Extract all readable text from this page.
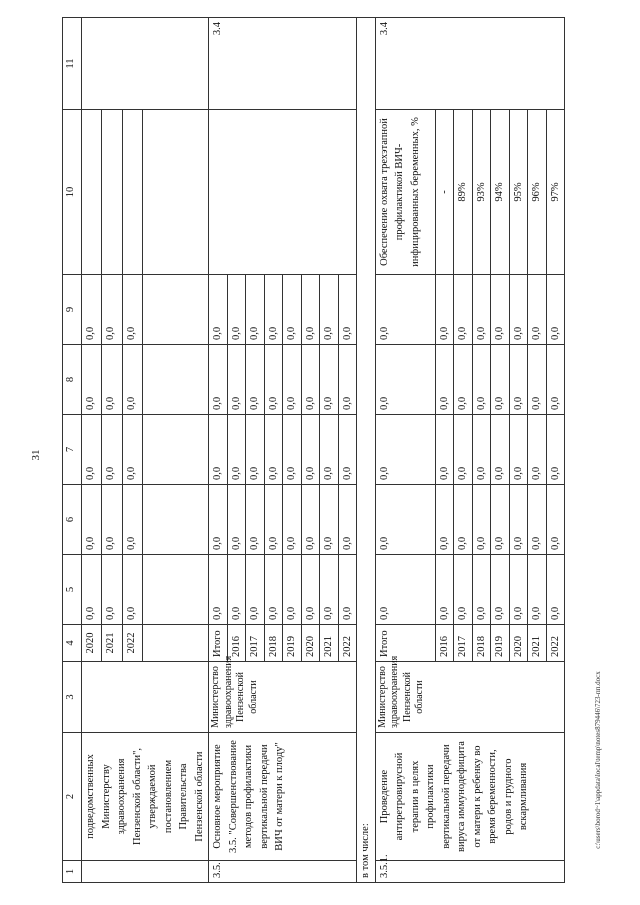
31
c:\users\borod~1\appdata\local\temp\notes879446\723-пп.docx
1	2	3	4	5	6	7	8	9	10	11
	подведомственных Министерству здравоохранения Пензенской области", утверждаемой постановлением Правительства Пензенской области		2020	0,0	0,0	0,0	0,0	0,0		
			2021	0,0	0,0	0,0	0,0	0,0		
			2022	0,0	0,0	0,0	0,0	0,0		

3.5.	Основное мероприятие 3.5. "Совершенствование методов профилактики вертикальной передачи ВИЧ от матери к плоду"	Министерство здравоохранения Пензенской области	Итого	0,0	0,0	0,0	0,0	0,0		3.4
			2016	0,0	0,0	0,0	0,0	0,0		
			2017	0,0	0,0	0,0	0,0	0,0		
			2018	0,0	0,0	0,0	0,0	0,0		
			2019	0,0	0,0	0,0	0,0	0,0		
			2020	0,0	0,0	0,0	0,0	0,0		
			2021	0,0	0,0	0,0	0,0	0,0		
			2022	0,0	0,0	0,0	0,0	0,0		
в том числе:										
3.5.1.	Проведение антиретровирусной терапии в целях профилактики вертикальной передачи вируса иммунодефицита от матери к ребенку во время беременности, родов и грудного вскармливания	Министерство здравоохранения Пензенской области	Итого	0,0	0,0	0,0	0,0	0,0	Обеспечение охвата трехэтапной профилактикой ВИЧ-инфицированных беременных, %	3.4
			2016	0,0	0,0	0,0	0,0	0,0	-	
			2017	0,0	0,0	0,0	0,0	0,0	89%	
			2018	0,0	0,0	0,0	0,0	0,0	93%	
			2019	0,0	0,0	0,0	0,0	0,0	94%	
			2020	0,0	0,0	0,0	0,0	0,0	95%	
			2021	0,0	0,0	0,0	0,0	0,0	96%	
			2022	0,0	0,0	0,0	0,0	0,0	97%	
